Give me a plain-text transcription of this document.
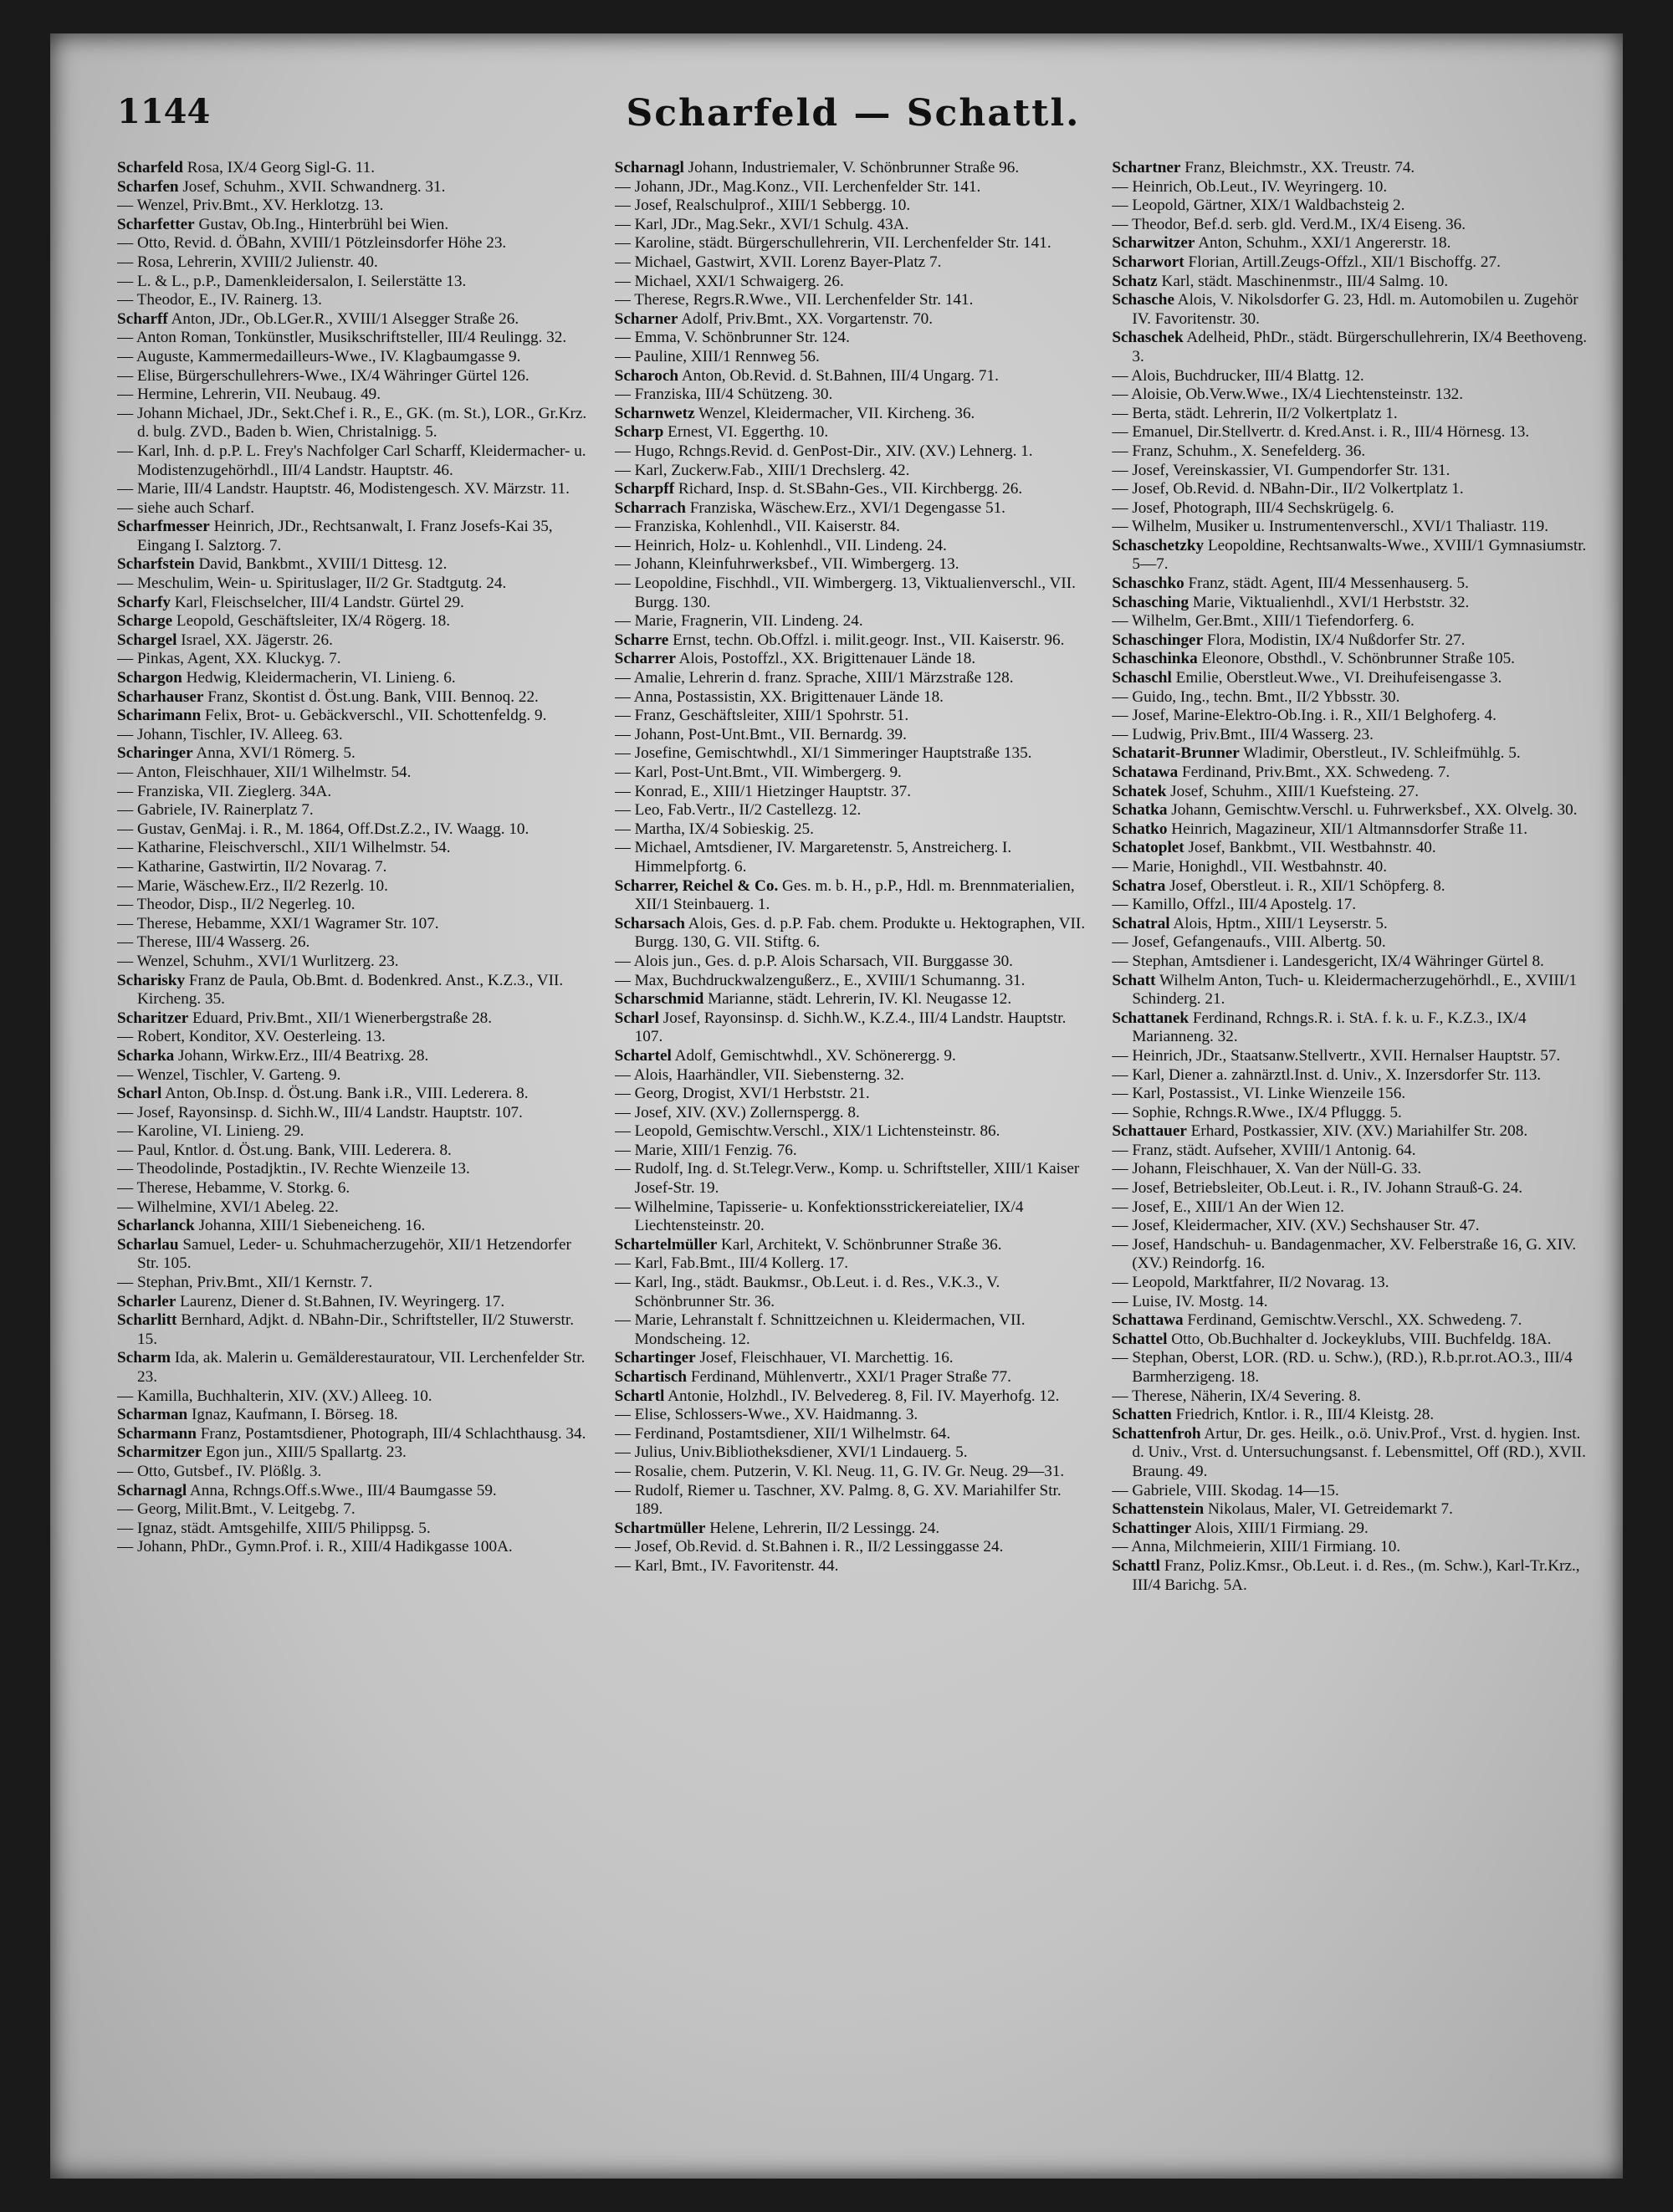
1144	Scharfeld — Schattl.

Scharfeld Rosa, IX/4 Georg Sigl-G. 11.

Scharfen Josef, Schuhm., XVII. Schwandnerg. 31.

— Wenzel, Priv.Bmt., XV. Herklotzg. 13.

Scharfetter Gustav, Ob.Ing., Hinterbrühl bei Wien.

— Otto, Revid. d. ÖBahn, XVIII/1 Pötzleinsdorfer Höhe 23.

— Rosa, Lehrerin, XVIII/2 Julienstr. 40.

— L. & L., p.P., Damenkleidersalon, I. Seilerstätte 13.

— Theodor, E., IV. Rainerg. 13.

Scharff Anton, JDr., Ob.LGer.R., XVIII/1 Alsegger Straße 26.

— Anton Roman, Tonkünstler, Musikschriftsteller, III/4 Reulingg. 32.

— Auguste, Kammermedailleurs-Wwe., IV. Klagbaumgasse 9.

— Elise, Bürgerschullehrers-Wwe., IX/4 Währinger Gürtel 126.

— Hermine, Lehrerin, VII. Neubaug. 49.

— Johann Michael, JDr., Sekt.Chef i. R., E., GK. (m. St.), LOR., Gr.Krz. d. bulg. ZVD., Baden b. Wien, Christalnigg. 5.

— Karl, Inh. d. p.P. L. Frey's Nachfolger Carl Scharff, Kleidermacher- u. Modistenzugehörhdl., III/4 Landstr. Hauptstr. 46.

— Marie, III/4 Landstr. Hauptstr. 46, Modistengesch. XV. Märzstr. 11.

— siehe auch Scharf.

Scharfmesser Heinrich, JDr., Rechtsanwalt, I. Franz Josefs-Kai 35, Eingang I. Salztorg. 7.

Scharfstein David, Bankbmt., XVIII/1 Dittesg. 12.

— Meschulim, Wein- u. Spirituslager, II/2 Gr. Stadtgutg. 24.

Scharfy Karl, Fleischselcher, III/4 Landstr. Gürtel 29.

Scharge Leopold, Geschäftsleiter, IX/4 Rögerg. 18.

Schargel Israel, XX. Jägerstr. 26.

— Pinkas, Agent, XX. Kluckyg. 7.

Schargon Hedwig, Kleidermacherin, VI. Linieng. 6.

Scharhauser Franz, Skontist d. Öst.ung. Bank, VIII. Bennoq. 22.

Scharimann Felix, Brot- u. Gebäckverschl., VII. Schottenfeldg. 9.

— Johann, Tischler, IV. Alleeg. 63.

Scharinger Anna, XVI/1 Römerg. 5.

— Anton, Fleischhauer, XII/1 Wilhelmstr. 54.

— Franziska, VII. Zieglerg. 34A.

— Gabriele, IV. Rainerplatz 7.

— Gustav, GenMaj. i. R., M. 1864, Off.Dst.Z.2., IV. Waagg. 10.

— Katharine, Fleischverschl., XII/1 Wilhelmstr. 54.

— Katharine, Gastwirtin, II/2 Novarag. 7.

— Marie, Wäschew.Erz., II/2 Rezerlg. 10.

— Theodor, Disp., II/2 Negerleg. 10.

— Therese, Hebamme, XXI/1 Wagramer Str. 107.

— Therese, III/4 Wasserg. 26.

— Wenzel, Schuhm., XVI/1 Wurlitzerg. 23.

Scharisky Franz de Paula, Ob.Bmt. d. Bodenkred. Anst., K.Z.3., VII. Kircheng. 35.

Scharitzer Eduard, Priv.Bmt., XII/1 Wienerbergstraße 28.

— Robert, Konditor, XV. Oesterleing. 13.

Scharka Johann, Wirkw.Erz., III/4 Beatrixg. 28.

— Wenzel, Tischler, V. Garteng. 9.

Scharl Anton, Ob.Insp. d. Öst.ung. Bank i.R., VIII. Lederera. 8.

— Josef, Rayonsinsp. d. Sichh.W., III/4 Landstr. Hauptstr. 107.

— Karoline, VI. Linieng. 29.

— Paul, Kntlor. d. Öst.ung. Bank, VIII. Lederera. 8.

— Theodolinde, Postadjktin., IV. Rechte Wienzeile 13.

— Therese, Hebamme, V. Storkg. 6.

— Wilhelmine, XVI/1 Abeleg. 22.

Scharlanck Johanna, XIII/1 Siebeneicheng. 16.

Scharlau Samuel, Leder- u. Schuhmacherzugehör, XII/1 Hetzendorfer Str. 105.

— Stephan, Priv.Bmt., XII/1 Kernstr. 7.

Scharler Laurenz, Diener d. St.Bahnen, IV. Weyringerg. 17.

Scharlitt Bernhard, Adjkt. d. NBahn-Dir., Schriftsteller, II/2 Stuwerstr. 15.

Scharm Ida, ak. Malerin u. Gemälderestauratour, VII. Lerchenfelder Str. 23.

— Kamilla, Buchhalterin, XIV. (XV.) Alleeg. 10.

Scharman Ignaz, Kaufmann, I. Börseg. 18.

Scharmann Franz, Postamtsdiener, Photograph, III/4 Schlachthausg. 34.

Scharmitzer Egon jun., XIII/5 Spallartg. 23.

— Otto, Gutsbef., IV. Plößlg. 3.

Scharnagl Anna, Rchngs.Off.s.Wwe., III/4 Baumgasse 59.

— Georg, Milit.Bmt., V. Leitgebg. 7.

— Ignaz, städt. Amtsgehilfe, XIII/5 Philippsg. 5.

— Johann, PhDr., Gymn.Prof. i. R., XIII/4 Hadikgasse 100A.

Scharnagl Johann, Industriemaler, V. Schönbrunner Straße 96.

— Johann, JDr., Mag.Konz., VII. Lerchenfelder Str. 141.

— Josef, Realschulprof., XIII/1 Sebbergg. 10.

— Karl, JDr., Mag.Sekr., XVI/1 Schulg. 43A.

— Karoline, städt. Bürgerschullehrerin, VII. Lerchenfelder Str. 141.

— Michael, Gastwirt, XVII. Lorenz Bayer-Platz 7.

— Michael, XXI/1 Schwaigerg. 26.

— Therese, Regrs.R.Wwe., VII. Lerchenfelder Str. 141.

Scharner Adolf, Priv.Bmt., XX. Vorgartenstr. 70.

— Emma, V. Schönbrunner Str. 124.

— Pauline, XIII/1 Rennweg 56.

Scharoch Anton, Ob.Revid. d. St.Bahnen, III/4 Ungarg. 71.

— Franziska, III/4 Schützeng. 30.

Scharnwetz Wenzel, Kleidermacher, VII. Kircheng. 36.

Scharp Ernest, VI. Eggerthg. 10.

— Hugo, Rchngs.Revid. d. GenPost-Dir., XIV. (XV.) Lehnerg. 1.

— Karl, Zuckerw.Fab., XIII/1 Drechslerg. 42.

Scharpff Richard, Insp. d. St.SBahn-Ges., VII. Kirchbergg. 26.

Scharrach Franziska, Wäschew.Erz., XVI/1 Degengasse 51.

— Franziska, Kohlenhdl., VII. Kaiserstr. 84.

— Heinrich, Holz- u. Kohlenhdl., VII. Lindeng. 24.

— Johann, Kleinfuhrwerksbef., VII. Wimbergerg. 13.

— Leopoldine, Fischhdl., VII. Wimbergerg. 13, Viktualienverschl., VII. Burgg. 130.

— Marie, Fragnerin, VII. Lindeng. 24.

Scharre Ernst, techn. Ob.Offzl. i. milit.geogr. Inst., VII. Kaiserstr. 96.

Scharrer Alois, Postoffzl., XX. Brigittenauer Lände 18.

— Amalie, Lehrerin d. franz. Sprache, XIII/1 Märzstraße 128.

— Anna, Postassistin, XX. Brigittenauer Lände 18.

— Franz, Geschäftsleiter, XIII/1 Spohrstr. 51.

— Johann, Post-Unt.Bmt., VII. Bernardg. 39.

— Josefine, Gemischtwhdl., XI/1 Simmeringer Hauptstraße 135.

— Karl, Post-Unt.Bmt., VII. Wimbergerg. 9.

— Konrad, E., XIII/1 Hietzinger Hauptstr. 37.

— Leo, Fab.Vertr., II/2 Castellezg. 12.

— Martha, IX/4 Sobieskig. 25.

— Michael, Amtsdiener, IV. Margaretenstr. 5, Anstreicherg. I. Himmelpfortg. 6.

Scharrer, Reichel & Co. Ges. m. b. H., p.P., Hdl. m. Brennmaterialien, XII/1 Steinbauerg. 1.

Scharsach Alois, Ges. d. p.P. Fab. chem. Produkte u. Hektographen, VII. Burgg. 130, G. VII. Stiftg. 6.

— Alois jun., Ges. d. p.P. Alois Scharsach, VII. Burggasse 30.

— Max, Buchdruckwalzengußerz., E., XVIII/1 Schumanng. 31.

Scharschmid Marianne, städt. Lehrerin, IV. Kl. Neugasse 12.

Scharl Josef, Rayonsinsp. d. Sichh.W., K.Z.4., III/4 Landstr. Hauptstr. 107.

Schartel Adolf, Gemischtwhdl., XV. Schönerergg. 9.

— Alois, Haarhändler, VII. Siebensterng. 32.

— Georg, Drogist, XVI/1 Herbststr. 21.

— Josef, XIV. (XV.) Zollernspergg. 8.

— Leopold, Gemischtw.Verschl., XIX/1 Lichtensteinstr. 86.

— Marie, XIII/1 Fenzig. 76.

— Rudolf, Ing. d. St.Telegr.Verw., Komp. u. Schriftsteller, XIII/1 Kaiser Josef-Str. 19.

— Wilhelmine, Tapisserie- u. Konfektionsstrickereiatelier, IX/4 Liechtensteinstr. 20.

Schartelmüller Karl, Architekt, V. Schönbrunner Straße 36.

— Karl, Fab.Bmt., III/4 Kollerg. 17.

— Karl, Ing., städt. Baukmsr., Ob.Leut. i. d. Res., V.K.3., V. Schönbrunner Str. 36.

— Marie, Lehranstalt f. Schnittzeichnen u. Kleidermachen, VII. Mondscheing. 12.

Schartinger Josef, Fleischhauer, VI. Marchettig. 16.

Schartisch Ferdinand, Mühlenvertr., XXI/1 Prager Straße 77.

Schartl Antonie, Holzhdl., IV. Belvedereg. 8, Fil. IV. Mayerhofg. 12.

— Elise, Schlossers-Wwe., XV. Haidmanng. 3.

— Ferdinand, Postamtsdiener, XII/1 Wilhelmstr. 64.

— Julius, Univ.Bibliotheksdiener, XVI/1 Lindauerg. 5.

— Rosalie, chem. Putzerin, V. Kl. Neug. 11, G. IV. Gr. Neug. 29—31.

— Rudolf, Riemer u. Taschner, XV. Palmg. 8, G. XV. Mariahilfer Str. 189.

Schartmüller Helene, Lehrerin, II/2 Lessingg. 24.

— Josef, Ob.Revid. d. St.Bahnen i. R., II/2 Lessinggasse 24.

— Karl, Bmt., IV. Favoritenstr. 44.

Schartner Franz, Bleichmstr., XX. Treustr. 74.

— Heinrich, Ob.Leut., IV. Weyringerg. 10.

— Leopold, Gärtner, XIX/1 Waldbachsteig 2.

— Theodor, Bef.d. serb. gld. Verd.M., IX/4 Eiseng. 36.

Scharwitzer Anton, Schuhm., XXI/1 Angererstr. 18.

Scharwort Florian, Artill.Zeugs-Offzl., XII/1 Bischoffg. 27.

Schatz Karl, städt. Maschinenmstr., III/4 Salmg. 10.

Schasche Alois, V. Nikolsdorfer G. 23, Hdl. m. Automobilen u. Zugehör IV. Favoritenstr. 30.

Schaschek Adelheid, PhDr., städt. Bürgerschullehrerin, IX/4 Beethoveng. 3.

— Alois, Buchdrucker, III/4 Blattg. 12.

— Aloisie, Ob.Verw.Wwe., IX/4 Liechtensteinstr. 132.

— Berta, städt. Lehrerin, II/2 Volkertplatz 1.

— Emanuel, Dir.Stellvertr. d. Kred.Anst. i. R., III/4 Hörnesg. 13.

— Franz, Schuhm., X. Senefelderg. 36.

— Josef, Vereinskassier, VI. Gumpendorfer Str. 131.

— Josef, Ob.Revid. d. NBahn-Dir., II/2 Volkertplatz 1.

— Josef, Photograph, III/4 Sechskrügelg. 6.

— Wilhelm, Musiker u. Instrumentenverschl., XVI/1 Thaliastr. 119.

Schaschetzky Leopoldine, Rechtsanwalts-Wwe., XVIII/1 Gymnasiumstr. 5—7.

Schaschko Franz, städt. Agent, III/4 Messenhauserg. 5.

Schasching Marie, Viktualienhdl., XVI/1 Herbststr. 32.

— Wilhelm, Ger.Bmt., XIII/1 Tiefendorferg. 6.

Schaschinger Flora, Modistin, IX/4 Nußdorfer Str. 27.

Schaschinka Eleonore, Obsthdl., V. Schönbrunner Straße 105.

Schaschl Emilie, Oberstleut.Wwe., VI. Dreihufeisengasse 3.

— Guido, Ing., techn. Bmt., II/2 Ybbsstr. 30.

— Josef, Marine-Elektro-Ob.Ing. i. R., XII/1 Belghoferg. 4.

— Ludwig, Priv.Bmt., III/4 Wasserg. 23.

Schatarit-Brunner Wladimir, Oberstleut., IV. Schleifmühlg. 5.

Schatawa Ferdinand, Priv.Bmt., XX. Schwedeng. 7.

Schatek Josef, Schuhm., XIII/1 Kuefsteing. 27.

Schatka Johann, Gemischtw.Verschl. u. Fuhrwerksbef., XX. Olvelg. 30.

Schatko Heinrich, Magazineur, XII/1 Altmannsdorfer Straße 11.

Schatoplet Josef, Bankbmt., VII. Westbahnstr. 40.

— Marie, Honighdl., VII. Westbahnstr. 40.

Schatra Josef, Oberstleut. i. R., XII/1 Schöpferg. 8.

— Kamillo, Offzl., III/4 Apostelg. 17.

Schatral Alois, Hptm., XIII/1 Leyserstr. 5.

— Josef, Gefangenaufs., VIII. Albertg. 50.

— Stephan, Amtsdiener i. Landesgericht, IX/4 Währinger Gürtel 8.

Schatt Wilhelm Anton, Tuch- u. Kleidermacherzugehörhdl., E., XVIII/1 Schinderg. 21.

Schattanek Ferdinand, Rchngs.R. i. StA. f. k. u. F., K.Z.3., IX/4 Marianneng. 32.

— Heinrich, JDr., Staatsanw.Stellvertr., XVII. Hernalser Hauptstr. 57.

— Karl, Diener a. zahnärztl.Inst. d. Univ., X. Inzersdorfer Str. 113.

— Karl, Postassist., VI. Linke Wienzeile 156.

— Sophie, Rchngs.R.Wwe., IX/4 Pfluggg. 5.

Schattauer Erhard, Postkassier, XIV. (XV.) Mariahilfer Str. 208.

— Franz, städt. Aufseher, XVIII/1 Antonig. 64.

— Johann, Fleischhauer, X. Van der Nüll-G. 33.

— Josef, Betriebsleiter, Ob.Leut. i. R., IV. Johann Strauß-G. 24.

— Josef, E., XIII/1 An der Wien 12.

— Josef, Kleidermacher, XIV. (XV.) Sechshauser Str. 47.

— Josef, Handschuh- u. Bandagenmacher, XV. Felberstraße 16, G. XIV. (XV.) Reindorfg. 16.

— Leopold, Marktfahrer, II/2 Novarag. 13.

— Luise, IV. Mostg. 14.

Schattawa Ferdinand, Gemischtw.Verschl., XX. Schwedeng. 7.

Schattel Otto, Ob.Buchhalter d. Jockeyklubs, VIII. Buchfeldg. 18A.

— Stephan, Oberst, LOR. (RD. u. Schw.), (RD.), R.b.pr.rot.AO.3., III/4 Barmherzigeng. 18.

— Therese, Näherin, IX/4 Severing. 8.

Schatten Friedrich, Kntlor. i. R., III/4 Kleistg. 28.

Schattenfroh Artur, Dr. ges. Heilk., o.ö. Univ.Prof., Vrst. d. hygien. Inst. d. Univ., Vrst. d. Untersuchungsanst. f. Lebensmittel, Off (RD.), XVII. Braung. 49.

— Gabriele, VIII. Skodag. 14—15.

Schattenstein Nikolaus, Maler, VI. Getreidemarkt 7.

Schattinger Alois, XIII/1 Firmiang. 29.

— Anna, Milchmeierin, XIII/1 Firmiang. 10.

Schattl Franz, Poliz.Kmsr., Ob.Leut. i. d. Res., (m. Schw.), Karl-Tr.Krz., III/4 Barichg. 5A.
